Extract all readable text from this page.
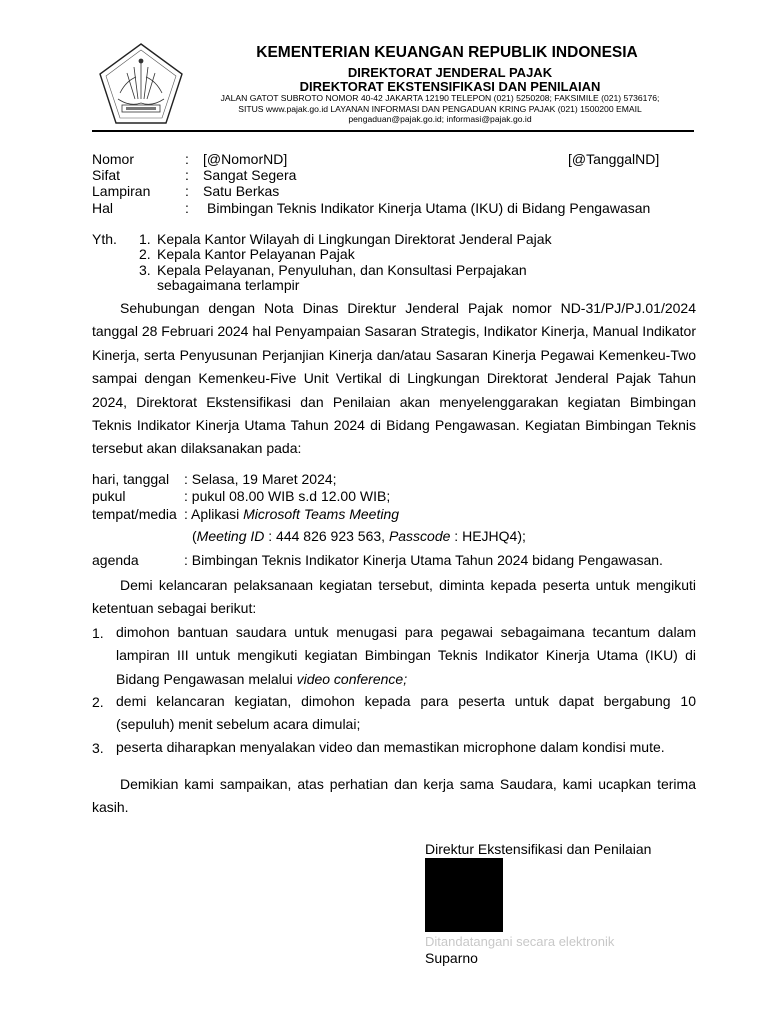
KEMENTERIAN KEUANGAN REPUBLIK INDONESIA
DIREKTORAT JENDERAL PAJAK
DIREKTORAT EKSTENSIFIKASI DAN PENILAIAN
JALAN GATOT SUBROTO NOMOR 40-42 JAKARTA 12190 TELEPON (021) 5250208; FAKSIMILE (021) 5736176;
SITUS www.pajak.go.id LAYANAN INFORMASI DAN PENGADUAN KRING PAJAK (021) 1500200 EMAIL
pengaduan@pajak.go.id; informasi@pajak.go.id
Nomor	: [@NomorND]	[@TanggalND]
Sifat	: Sangat Segera
Lampiran : Satu Berkas
Hal	: Bimbingan Teknis Indikator Kinerja Utama (IKU) di Bidang Pengawasan
Yth. 1. Kepala Kantor Wilayah di Lingkungan Direktorat Jenderal Pajak
2. Kepala Kantor Pelayanan Pajak
3. Kepala Pelayanan, Penyuluhan, dan Konsultasi Perpajakan
sebagaimana terlampir
Sehubungan dengan Nota Dinas Direktur Jenderal Pajak nomor ND-31/PJ/PJ.01/2024 tanggal 28 Februari 2024 hal Penyampaian Sasaran Strategis, Indikator Kinerja, Manual Indikator Kinerja, serta Penyusunan Perjanjian Kinerja dan/atau Sasaran Kinerja Pegawai Kemenkeu-Two sampai dengan Kemenkeu-Five Unit Vertikal di Lingkungan Direktorat Jenderal Pajak Tahun 2024, Direktorat Ekstensifikasi dan Penilaian akan menyelenggarakan kegiatan Bimbingan Teknis Indikator Kinerja Utama Tahun 2024 di Bidang Pengawasan. Kegiatan Bimbingan Teknis tersebut akan dilaksanakan pada:
hari, tanggal : Selasa, 19 Maret 2024;
pukul	: pukul 08.00 WIB s.d 12.00 WIB;
tempat/media : Aplikasi Microsoft Teams Meeting
(Meeting ID : 444 826 923 563, Passcode : HEJHQ4);
agenda	: Bimbingan Teknis Indikator Kinerja Utama Tahun 2024 bidang Pengawasan.
Demi kelancaran pelaksanaan kegiatan tersebut, diminta kepada peserta untuk mengikuti ketentuan sebagai berikut:
1. dimohon bantuan saudara untuk menugasi para pegawai sebagaimana tecantum dalam lampiran III untuk mengikuti kegiatan Bimbingan Teknis Indikator Kinerja Utama (IKU) di Bidang Pengawasan melalui video conference;
2. demi kelancaran kegiatan, dimohon kepada para peserta untuk dapat bergabung 10 (sepuluh) menit sebelum acara dimulai;
3. peserta diharapkan menyalakan video dan memastikan microphone dalam kondisi mute.
Demikian kami sampaikan, atas perhatian dan kerja sama Saudara, kami ucapkan terima kasih.
Direktur Ekstensifikasi dan Penilaian
Ditandatangani secara elektronik
Suparno
